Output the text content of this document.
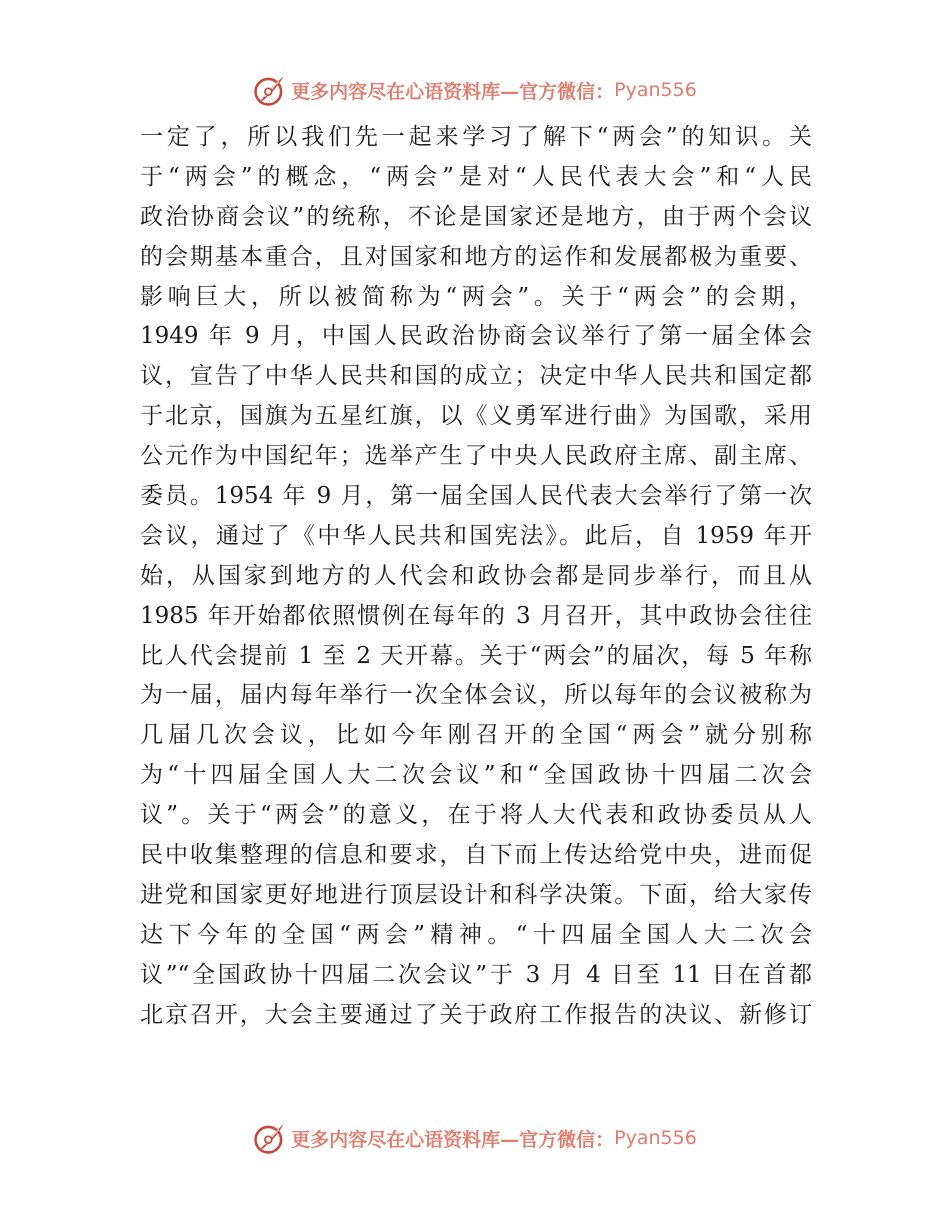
更多内容尽在心语资料库—官方微信： Pyan556
一定了，所以我们先一起来学习了解下“两会”的知识。关
于“两会”的概念，“两会”是对“人民代表大会”和“人民
政治协商会议”的统称，不论是国家还是地方，由于两个会议
的会期基本重合，且对国家和地方的运作和发展都极为重要、
影响巨大，所以被简称为“两会”。关于“两会”的会期，
1949 年 9 月，中国人民政治协商会议举行了第一届全体会
议，宣告了中华人民共和国的成立；决定中华人民共和国定都
于北京，国旗为五星红旗，以《义勇军进行曲》为国歌，采用
公元作为中国纪年；选举产生了中央人民政府主席、副主席、
委员。1954 年 9 月，第一届全国人民代表大会举行了第一次
会议，通过了《中华人民共和国宪法》。此后，自 1959 年开
始，从国家到地方的人代会和政协会都是同步举行，而且从
1985 年开始都依照惯例在每年的 3 月召开，其中政协会往往
比人代会提前 1 至 2 天开幕。关于“两会”的届次，每 5 年称
为一届，届内每年举行一次全体会议，所以每年的会议被称为
几届几次会议，比如今年刚召开的全国“两会”就分别称
为“十四届全国人大二次会议”和“全国政协十四届二次会
议”。关于“两会”的意义，在于将人大代表和政协委员从人
民中收集整理的信息和要求，自下而上传达给党中央，进而促
进党和国家更好地进行顶层设计和科学决策。下面，给大家传
达下今年的全国“两会”精神。“十四届全国人大二次会
议”“全国政协十四届二次会议”于 3 月 4 日至 11 日在首都
北京召开，大会主要通过了关于政府工作报告的决议、新修订
更多内容尽在心语资料库—官方微信： Pyan556
